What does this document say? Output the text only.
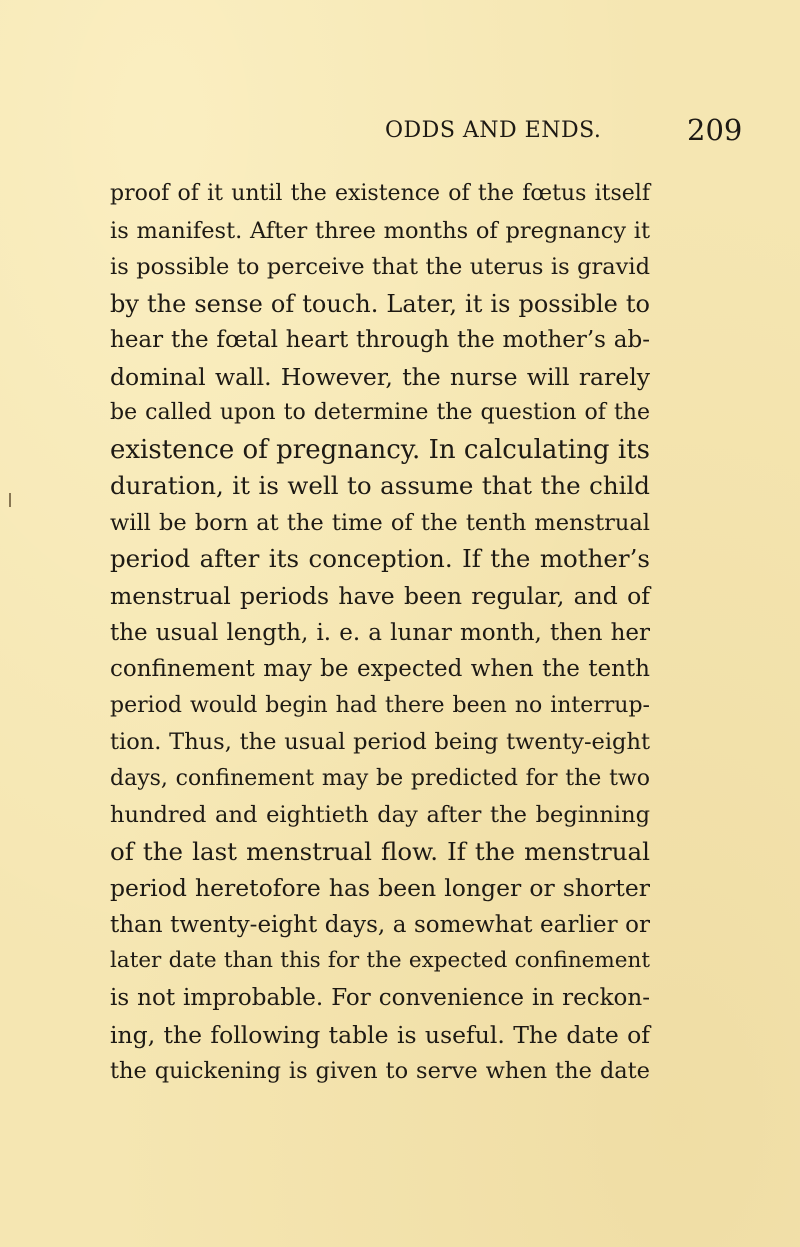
ODDS AND ENDS.	209
proof of it until the existence of the fœtus itself
is manifest. After three months of pregnancy it
is possible to perceive that the uterus is gravid
by the sense of touch. Later, it is possible to
hear the fœtal heart through the mother’s ab-
dominal wall. However, the nurse will rarely
be called upon to determine the question of the
existence of pregnancy. In calculating its
duration, it is well to assume that the child
will be born at the time of the tenth menstrual
period after its conception. If the mother’s
menstrual periods have been regular, and of
the usual length, i. e. a lunar month, then her
confinement may be expected when the tenth
period would begin had there been no interrup-
tion. Thus, the usual period being twenty-eight
days, confinement may be predicted for the two
hundred and eightieth day after the beginning
of the last menstrual flow. If the menstrual
period heretofore has been longer or shorter
than twenty-eight days, a somewhat earlier or
later date than this for the expected confinement
is not improbable. For convenience in reckon-
ing, the following table is useful. The date of
the quickening is given to serve when the date
